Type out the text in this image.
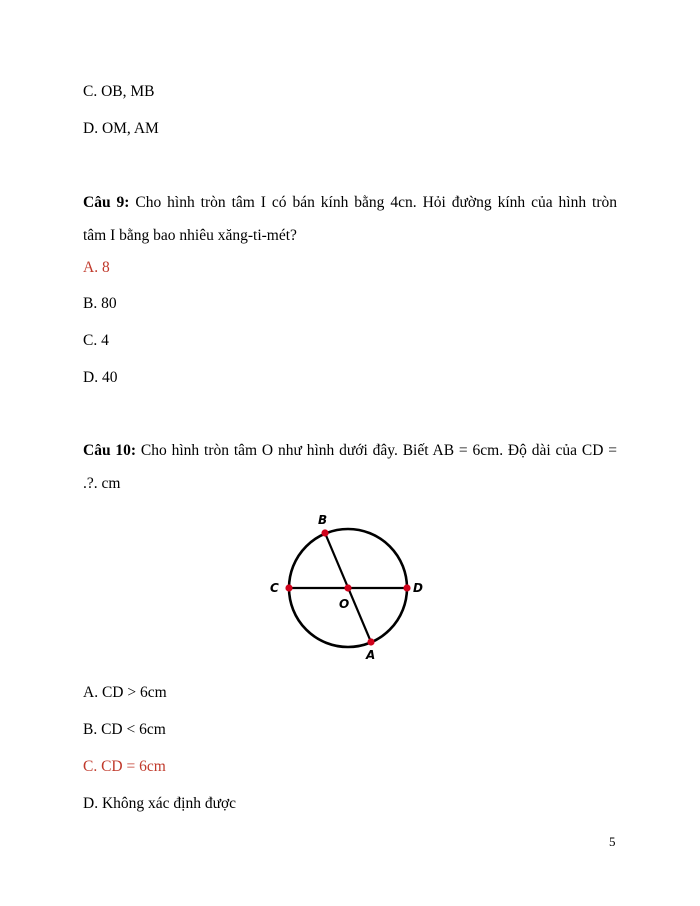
C. OB, MB
D. OM, AM
Câu 9: Cho hình tròn tâm I có bán kính bằng 4cn. Hỏi đường kính của hình tròn
tâm I bằng bao nhiêu xăng-ti-mét?
A. 8
B. 80
C. 4
D. 40
Câu 10: Cho hình tròn tâm O như hình dưới đây. Biết AB = 6cm. Độ dài của CD =
.?. cm
B
C	D
O
A
A. CD > 6cm
B. CD < 6cm
C. CD = 6cm
D. Không xác định được
5
